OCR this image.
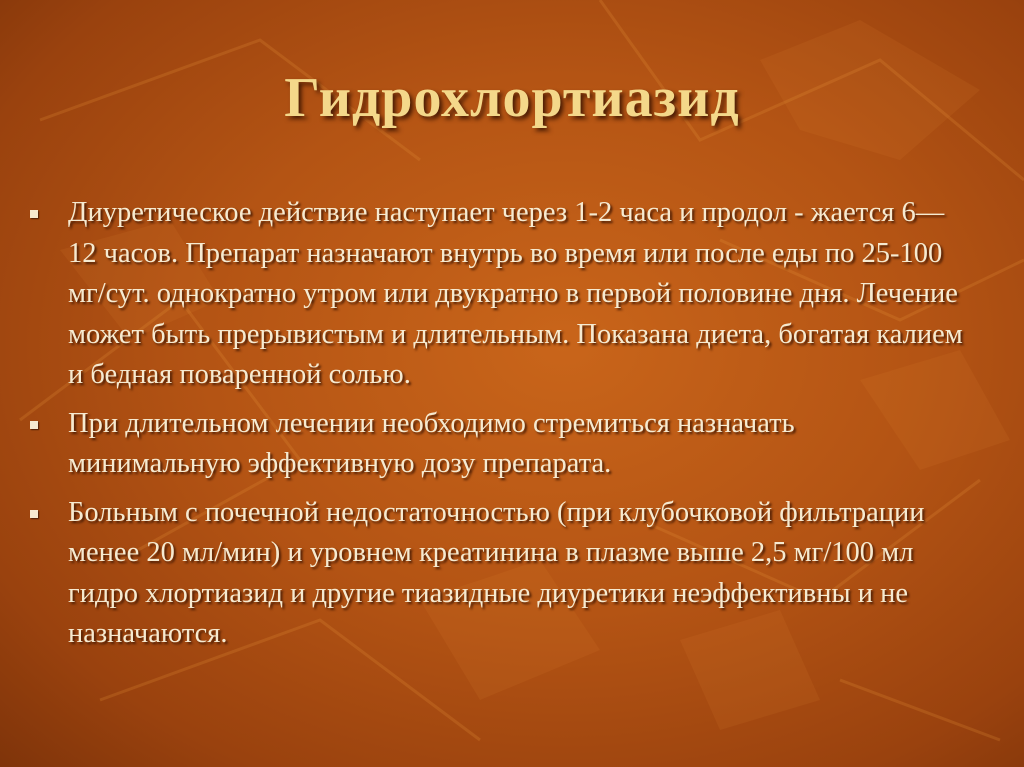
Гидрохлортиазид
Диуретическое действие наступает через 1-2 часа и продол - жается 6—12 часов. Препарат назначают внутрь во время или после еды по 25-100 мг/сут. однократно утром или двукратно в первой половине дня. Лечение может быть прерывистым и длительным. Показана диета, богатая калием и бедная поваренной солью.
При длительном лечении необходимо стремиться назначать минимальную эффективную дозу препарата.
Больным с почечной недостаточностью (при клубочковой фильтрации менее 20 мл/мин) и уровнем креатинина в плазме выше 2,5 мг/100 мл гидро хлортиазид и другие тиазидные диуретики неэффективны и не назначаются.
